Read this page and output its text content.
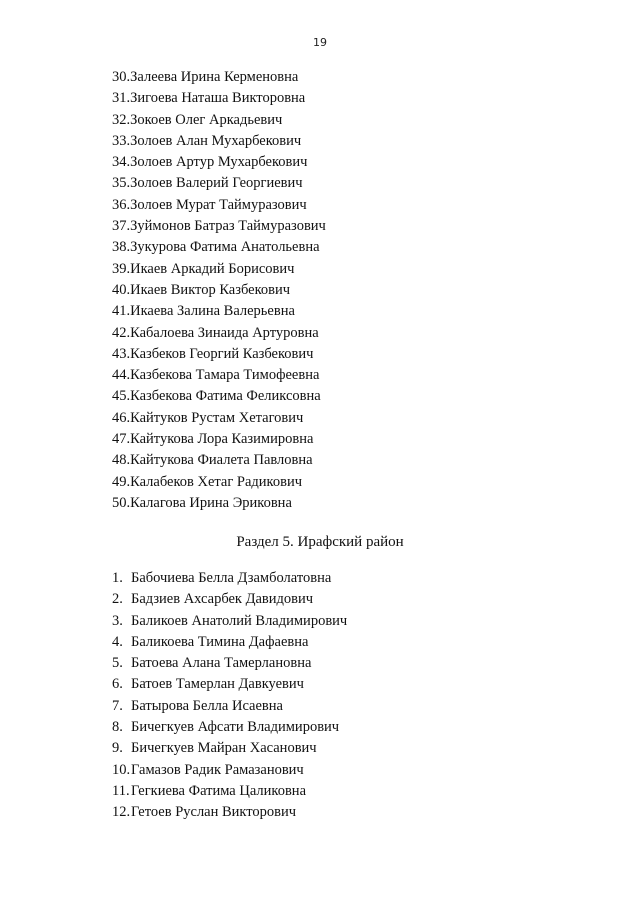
19
30.Залеева Ирина Керменовна
31.Зигоева Наташа Викторовна
32.Зокоев Олег Аркадьевич
33.Золоев Алан Мухарбекович
34.Золоев Артур Мухарбекович
35.Золоев Валерий Георгиевич
36.Золоев Мурат Таймуразович
37.Зуймонов Батраз Таймуразович
38.Зукурова Фатима Анатольевна
39.Икаев Аркадий Борисович
40.Икаев Виктор Казбекович
41.Икаева Залина Валерьевна
42.Кабалоева Зинаида Артуровна
43.Казбеков Георгий Казбекович
44.Казбекова Тамара Тимофеевна
45.Казбекова Фатима Феликсовна
46.Кайтуков Рустам Хетагович
47.Кайтукова Лора Казимировна
48.Кайтукова Фиалета Павловна
49.Калабеков Хетаг Радикович
50.Калагова Ирина Эриковна
Раздел 5. Ирафский район
1. Бабочиева Белла Дзамболатовна
2. Бадзиев Ахсарбек Давидович
3. Баликоев Анатолий Владимирович
4. Баликоева Тимина Дафаевна
5. Батоева Алана Тамерлановна
6. Батоев Тамерлан Давкуевич
7. Батырова Белла Исаевна
8. Бичегкуев Афсати Владимирович
9. Бичегкуев Майран Хасанович
10.Гамазов Радик Рамазанович
11.Гегкиева Фатима Цаликовна
12.Гетоев Руслан Викторович
